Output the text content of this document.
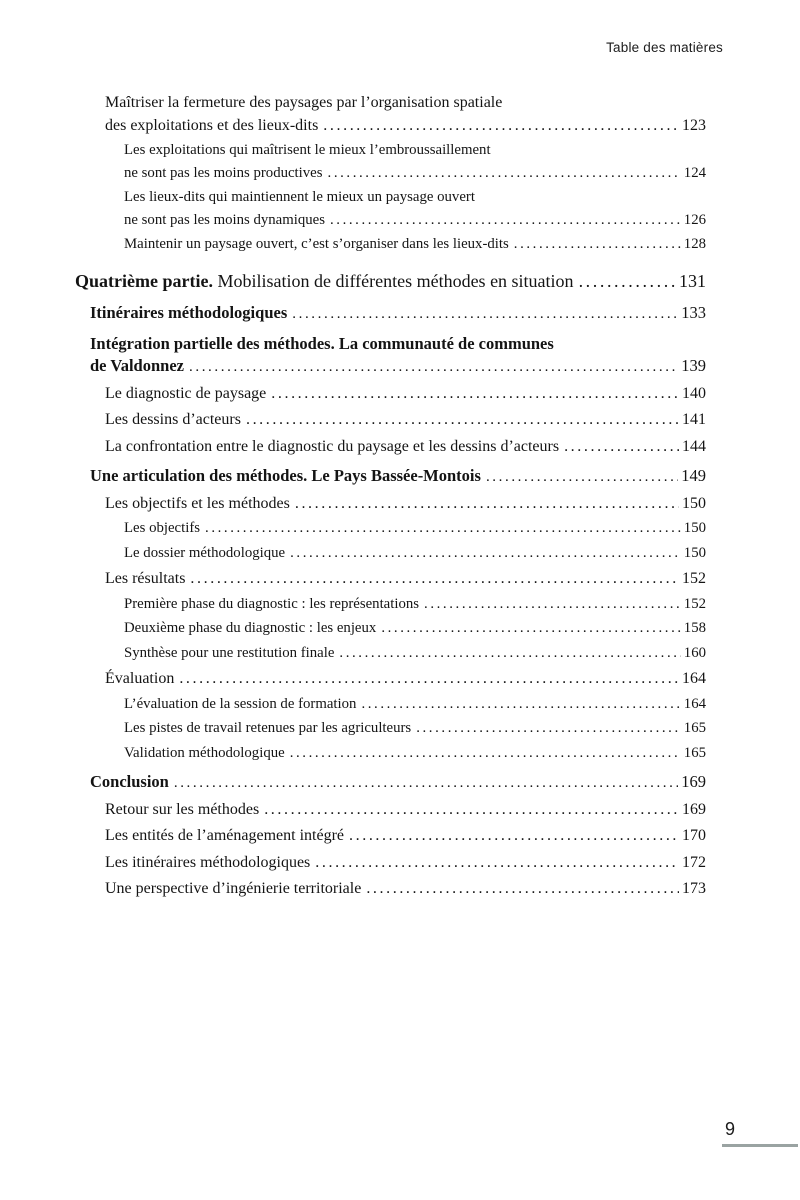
Table des matières
Maîtriser la fermeture des paysages par l’organisation spatiale
des exploitations et des lieux-dits .....	123
Les exploitations qui maîtrisent le mieux l’embroussaillement
ne sont pas les moins productives .....	124
Les lieux-dits qui maintiennent le mieux un paysage ouvert
ne sont pas les moins dynamiques .....	126
Maintenir un paysage ouvert, c’est s’organiser dans les lieux-dits .....	128
Quatrième partie. Mobilisation de différentes méthodes en situation .....	131
Itinéraires méthodologiques .....	133
Intégration partielle des méthodes. La communauté de communes
de Valdonnez .....	139
Le diagnostic de paysage .....	140
Les dessins d’acteurs .....	141
La confrontation entre le diagnostic du paysage et les dessins d’acteurs .....	144
Une articulation des méthodes. Le Pays Bassée-Montois .....	149
Les objectifs et les méthodes .....	150
Les objectifs .....	150
Le dossier méthodologique .....	150
Les résultats .....	152
Première phase du diagnostic : les représentations .....	152
Deuxième phase du diagnostic : les enjeux .....	158
Synthèse pour une restitution finale .....	160
Évaluation .....	164
L’évaluation de la session de formation .....	164
Les pistes de travail retenues par les agriculteurs .....	165
Validation méthodologique .....	165
Conclusion .....	169
Retour sur les méthodes .....	169
Les entités de l’aménagement intégré .....	170
Les itinéraires méthodologiques .....	172
Une perspective d’ingénierie territoriale .....	173
9
